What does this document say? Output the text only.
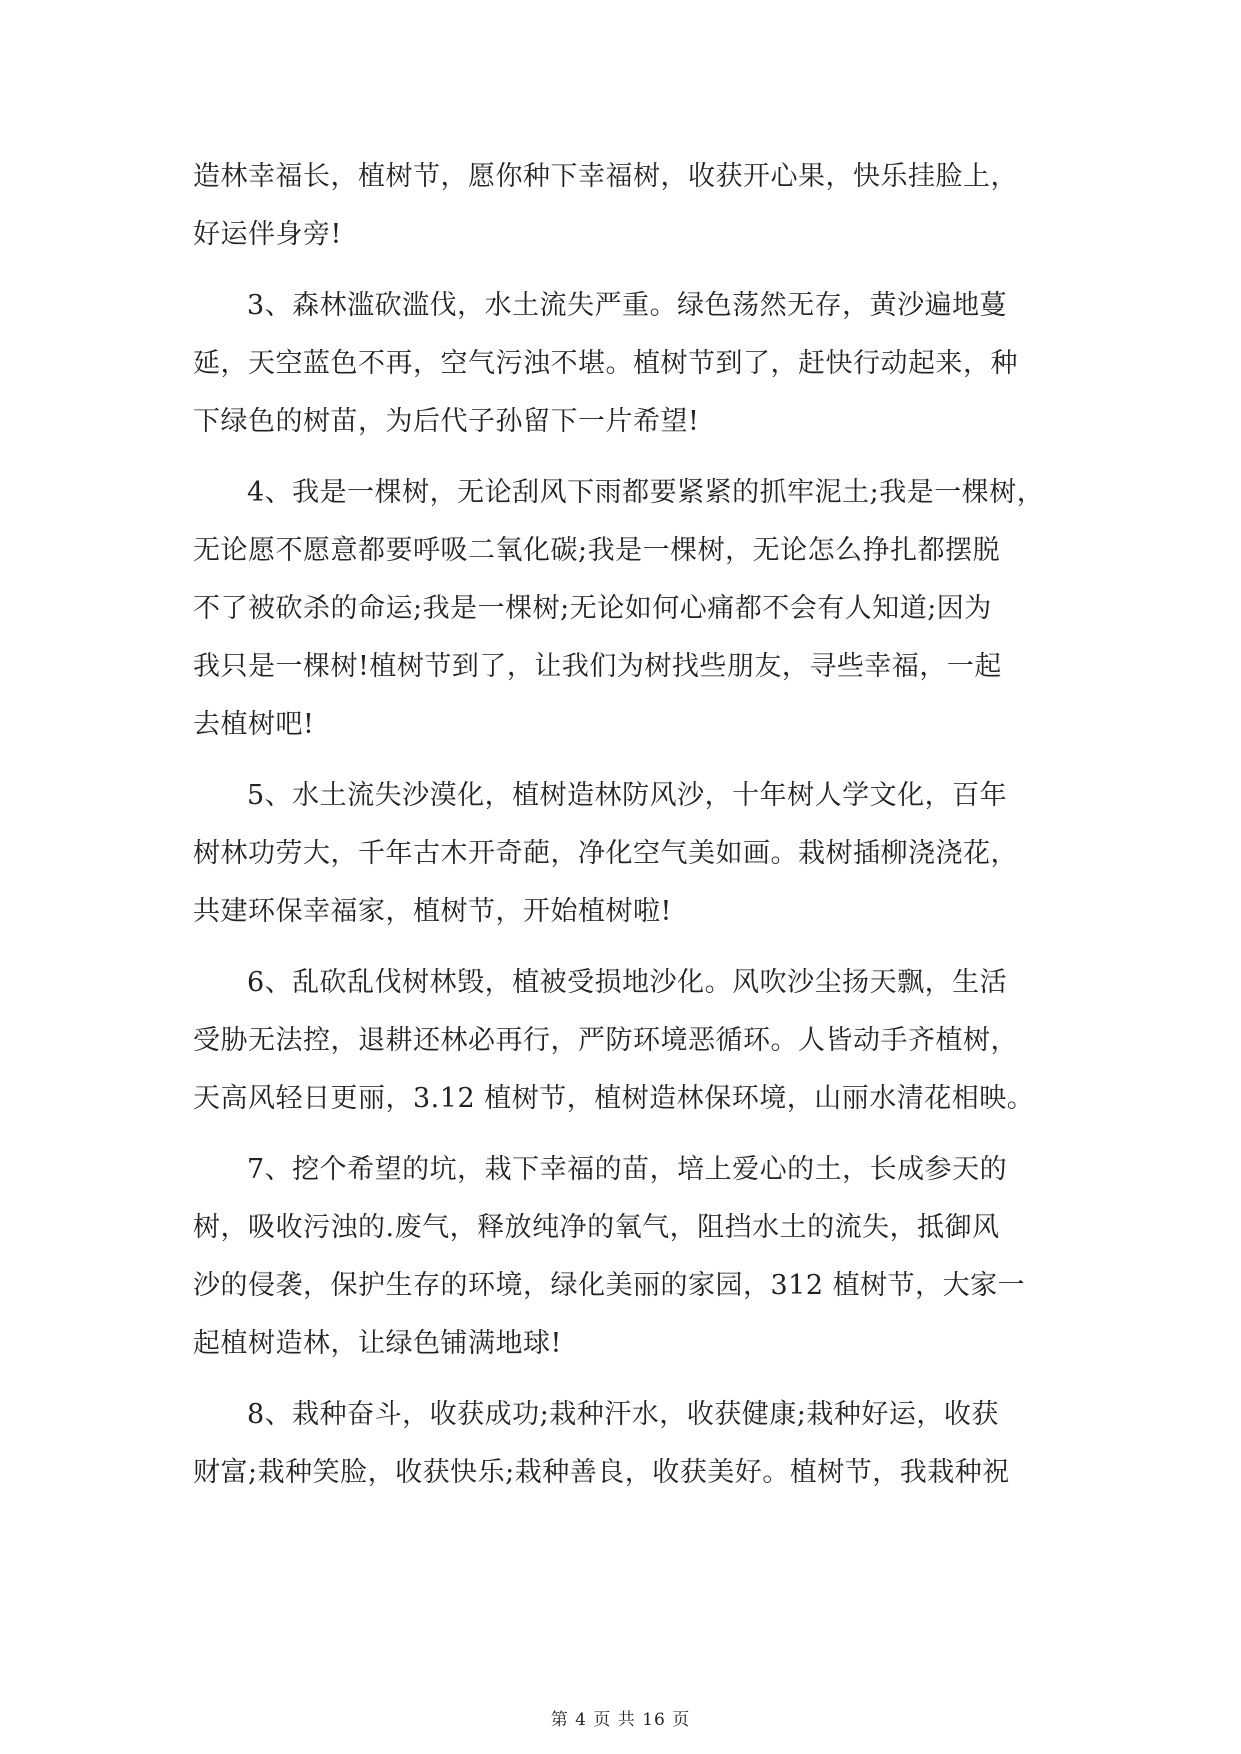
造林幸福长，植树节，愿你种下幸福树，收获开心果，快乐挂脸上，
好运伴身旁!
3、森林滥砍滥伐，水土流失严重。绿色荡然无存，黄沙遍地蔓
延，天空蓝色不再，空气污浊不堪。植树节到了，赶快行动起来，种
下绿色的树苗，为后代子孙留下一片希望!
4、我是一棵树，无论刮风下雨都要紧紧的抓牢泥土;我是一棵树，
无论愿不愿意都要呼吸二氧化碳;我是一棵树，无论怎么挣扎都摆脱
不了被砍杀的命运;我是一棵树;无论如何心痛都不会有人知道;因为
我只是一棵树!植树节到了，让我们为树找些朋友，寻些幸福，一起
去植树吧!
5、水土流失沙漠化，植树造林防风沙，十年树人学文化，百年
树林功劳大，千年古木开奇葩，净化空气美如画。栽树插柳浇浇花，
共建环保幸福家，植树节，开始植树啦!
6、乱砍乱伐树林毁，植被受损地沙化。风吹沙尘扬天飘，生活
受胁无法控，退耕还林必再行，严防环境恶循环。人皆动手齐植树，
天高风轻日更丽，3.12 植树节，植树造林保环境，山丽水清花相映。
7、挖个希望的坑，栽下幸福的苗，培上爱心的土，长成参天的
树，吸收污浊的.废气，释放纯净的氧气，阻挡水土的流失，抵御风
沙的侵袭，保护生存的环境，绿化美丽的家园，312 植树节，大家一
起植树造林，让绿色铺满地球!
8、栽种奋斗，收获成功;栽种汗水，收获健康;栽种好运，收获
财富;栽种笑脸，收获快乐;栽种善良，收获美好。植树节，我栽种祝
第 4 页 共 16 页
